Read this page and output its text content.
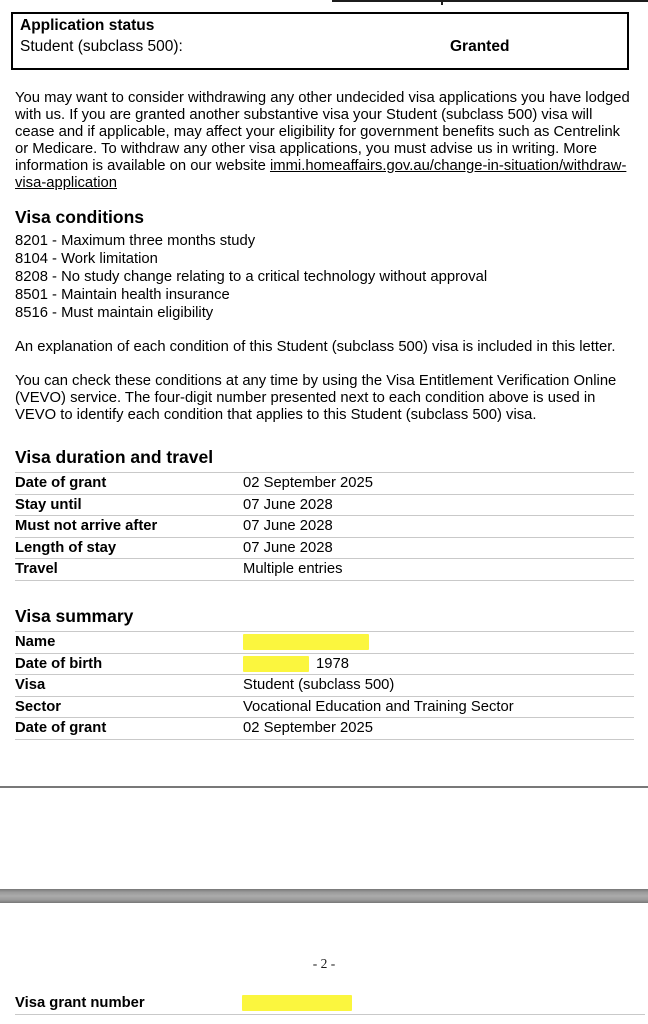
Application status
Student (subclass 500):	Granted

You may want to consider withdrawing any other undecided visa applications you have lodged with us. If you are granted another substantive visa your Student (subclass 500) visa will cease and if applicable, may affect your eligibility for government benefits such as Centrelink or Medicare. To withdraw any other visa applications, you must advise us in writing. More information is available on our website immi.homeaffairs.gov.au/change-in-situation/withdraw-visa-application

Visa conditions
8201 - Maximum three months study
8104 - Work limitation
8208 - No study change relating to a critical technology without approval
8501 - Maintain health insurance
8516 - Must maintain eligibility

An explanation of each condition of this Student (subclass 500) visa is included in this letter.

You can check these conditions at any time by using the Visa Entitlement Verification Online (VEVO) service. The four-digit number presented next to each condition above is used in VEVO to identify each condition that applies to this Student (subclass 500) visa.

Visa duration and travel
Date of grant	02 September 2025
Stay until	07 June 2028
Must not arrive after	07 June 2028
Length of stay	07 June 2028
Travel	Multiple entries
Visa summary
Name
Date of birth	1978
Visa	Student (subclass 500)
Sector	Vocational Education and Training Sector
Date of grant	02 September 2025
- 2 -
Visa grant number
